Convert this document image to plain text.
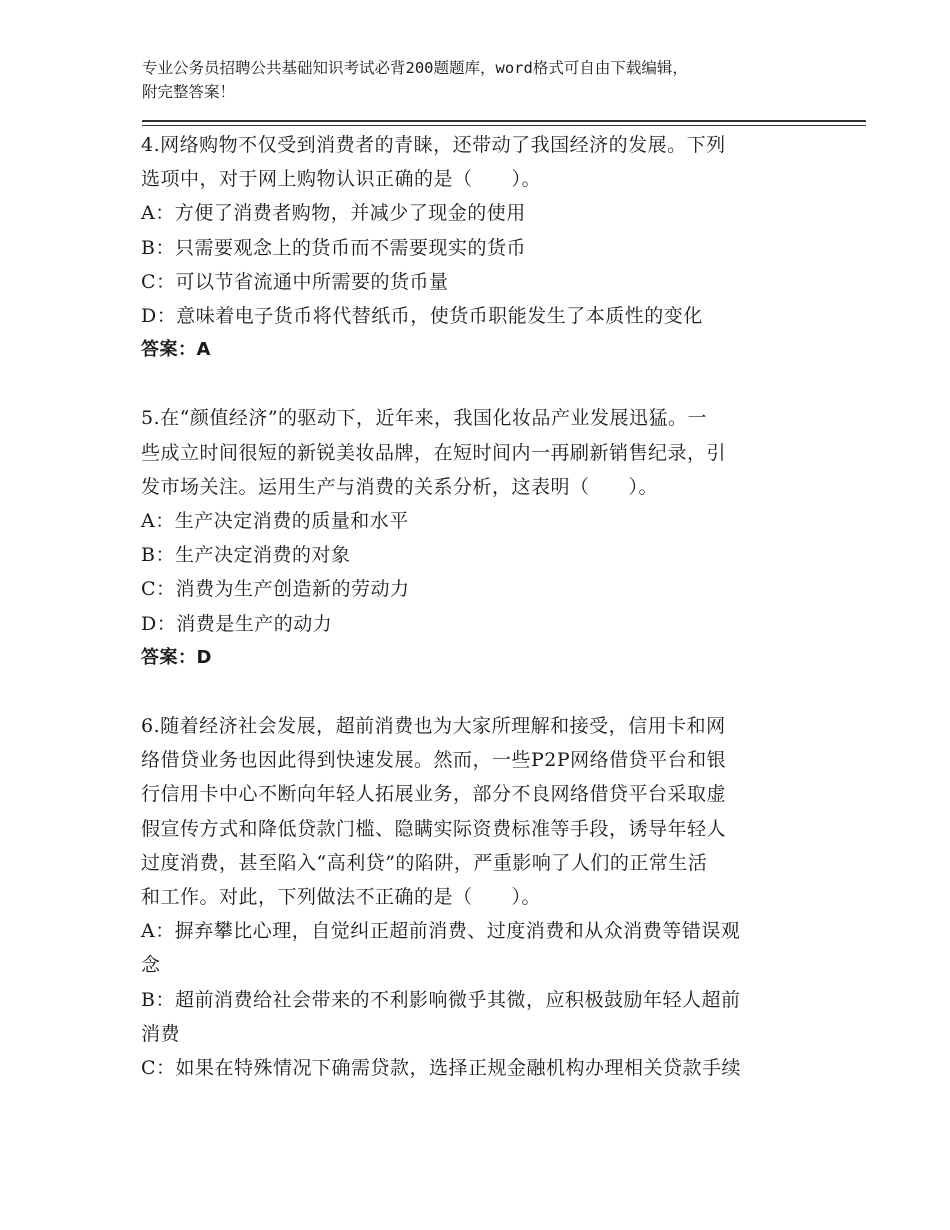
专业公务员招聘公共基础知识考试必背200题题库，word格式可自由下载编辑，
附完整答案！
4.网络购物不仅受到消费者的青睐，还带动了我国经济的发展。下列
选项中，对于网上购物认识正确的是（　　）。
A：方便了消费者购物，并减少了现金的使用
B：只需要观念上的货币而不需要现实的货币
C：可以节省流通中所需要的货币量
D：意味着电子货币将代替纸币，使货币职能发生了本质性的变化
答案：A
5.在“颜值经济”的驱动下，近年来，我国化妆品产业发展迅猛。一
些成立时间很短的新锐美妆品牌，在短时间内一再刷新销售纪录，引
发市场关注。运用生产与消费的关系分析，这表明（　　）。
A：生产决定消费的质量和水平
B：生产决定消费的对象
C：消费为生产创造新的劳动力
D：消费是生产的动力
答案：D
6.随着经济社会发展，超前消费也为大家所理解和接受，信用卡和网
络借贷业务也因此得到快速发展。然而，一些P2P网络借贷平台和银
行信用卡中心不断向年轻人拓展业务，部分不良网络借贷平台采取虚
假宣传方式和降低贷款门槛、隐瞒实际资费标准等手段，诱导年轻人
过度消费，甚至陷入“高利贷”的陷阱，严重影响了人们的正常生活
和工作。对此，下列做法不正确的是（　　）。
A：摒弃攀比心理，自觉纠正超前消费、过度消费和从众消费等错误观
念
B：超前消费给社会带来的不利影响微乎其微，应积极鼓励年轻人超前
消费
C：如果在特殊情况下确需贷款，选择正规金融机构办理相关贷款手续
